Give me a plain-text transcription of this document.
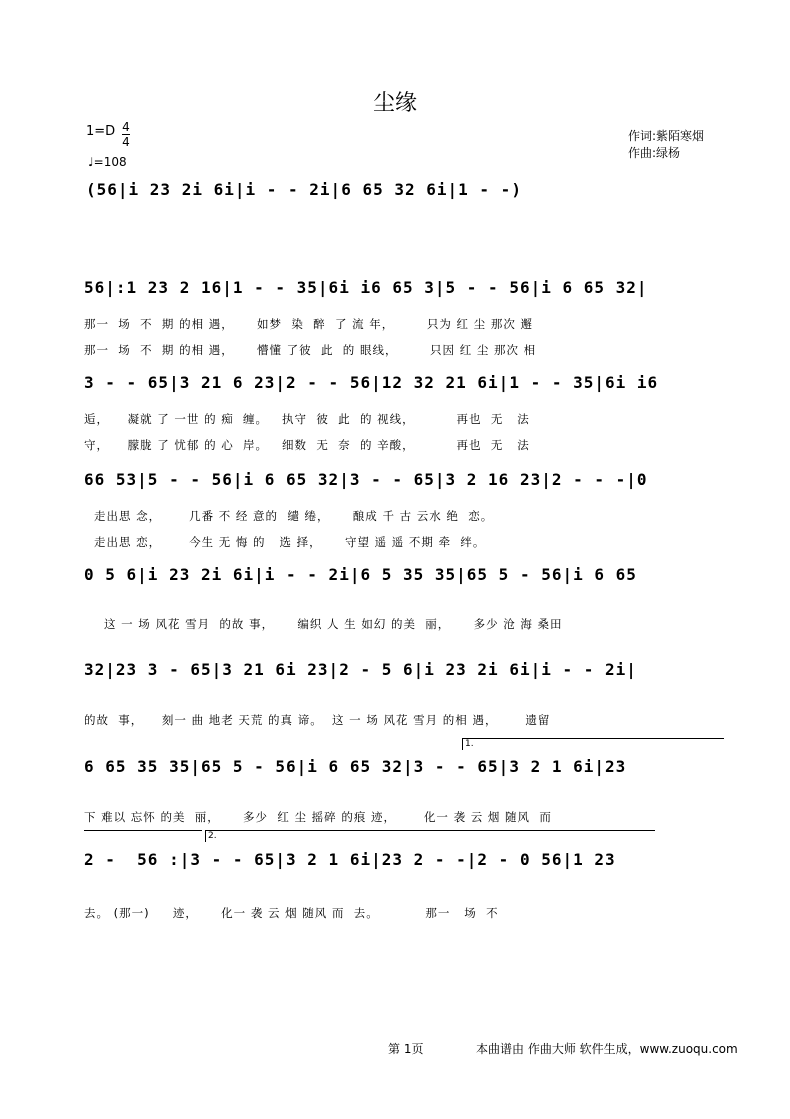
尘缘
1=D 4
4
♩=108
作词:紫陌寒烟
作曲:绿杨
(56|i 23 2i 6i|i - - 2i|6 65 32 6i|1 - -)
56|:1 23 2 16|1 - - 35|6i i6 65 3|5 - - 56|i 6 65 32|
那一  场  不  期 的相 遇，     如梦  染  醉  了 流 年，       只为 红 尘 那次 邂
那一  场  不  期 的相 遇，     懵懂 了彼  此  的 眼线，       只因 红 尘 那次 相
3 - - 65|3 21 6 23|2 - - 56|12 32 21 6i|1 - - 35|6i i6
逅，    凝就 了 一世 的 痴  缠。   执守  彼  此  的 视线，         再也  无   法
守，    朦胧 了 忧郁 的 心  岸。   细数  无  奈  的 辛酸，         再也  无   法
66 53|5 - - 56|i 6 65 32|3 - - 65|3 2 16 23|2 - - -|0
走出思 念，      几番 不 经 意的  缱 绻，     酿成 千 古 云水 绝  恋。
走出思 恋，      今生 无 悔 的   选 择，     守望 遥 遥 不期 牵  绊。
0 5 6|i 23 2i 6i|i - - 2i|6 5 35 35|65 5 - 56|i 6 65
这 一 场 风花 雪月  的故 事，     编织 人 生 如幻 的美  丽，     多少 沧 海 桑田
32|23 3 - 65|3 21 6i 23|2 - 5 6|i 23 2i 6i|i - - 2i|
的故  事，    刻一 曲 地老 天荒 的真 谛。  这 一 场 风花 雪月 的相 遇，      遗留
1.
6 65 35 35|65 5 - 56|i 6 65 32|3 - - 65|3 2 1 6i|23
下 难以 忘怀 的美  丽，     多少  红 尘 摇碎 的痕 迹，      化一 袭 云 烟 随风  而
2.
2 -  56 :|3 - - 65|3 2 1 6i|23 2 - -|2 - 0 56|1 23
去。 (那一)     迹，     化一 袭 云 烟 随风 而  去。          那一   场  不
第 1页	本曲谱由 作曲大师 软件生成，www.zuoqu.com
